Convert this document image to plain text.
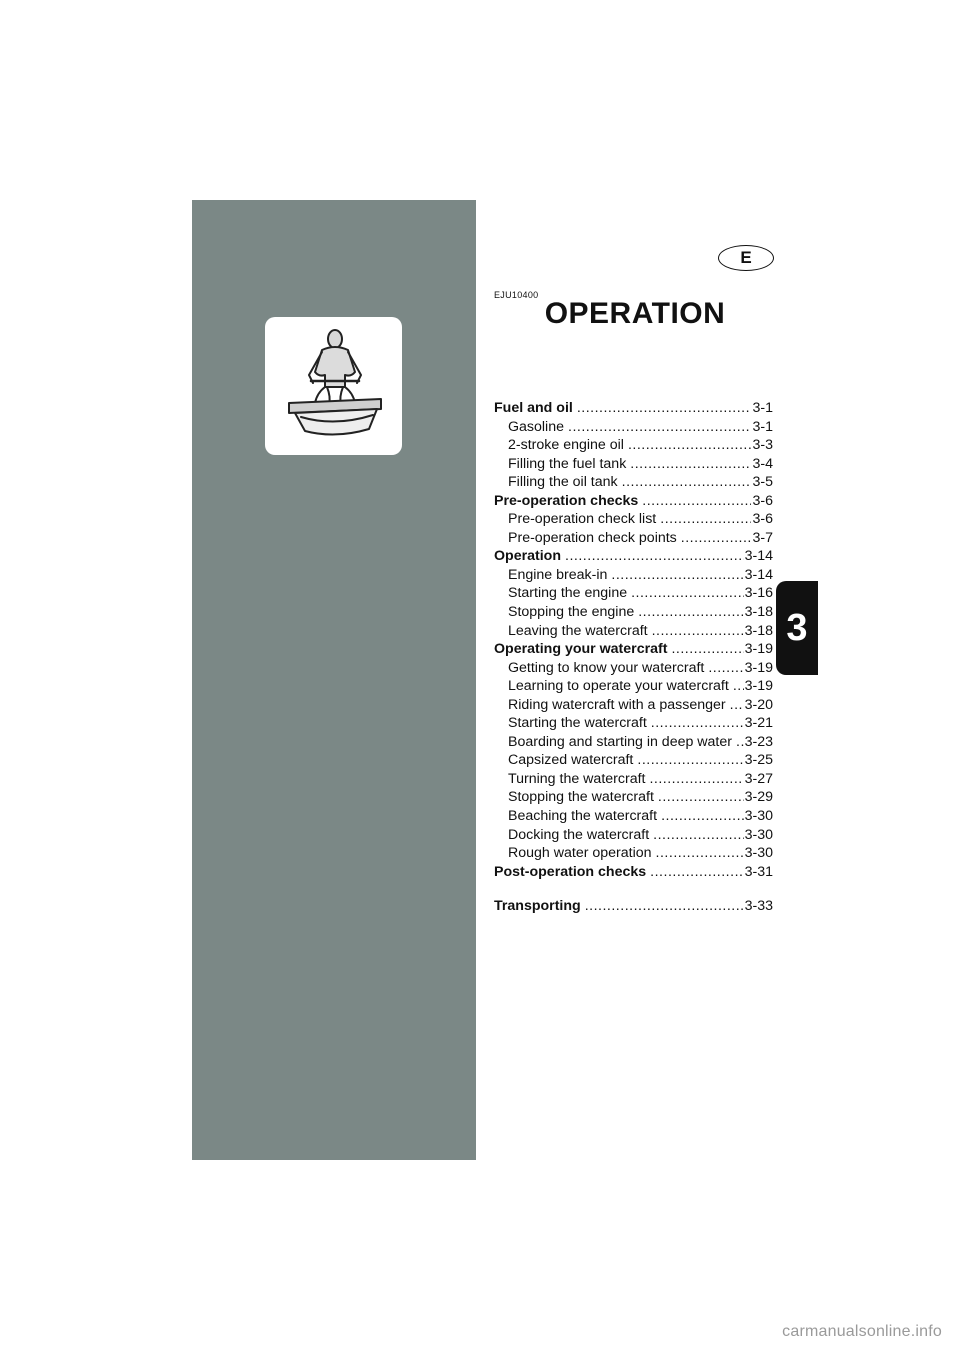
E
EJU10400
OPERATION
Fuel and oil .....	3-1
Gasoline .....	3-1
2-stroke engine oil .....	3-3
Filling the fuel tank .....	3-4
Filling the oil tank .....	3-5
Pre-operation checks .....	3-6
Pre-operation check list .....	3-6
Pre-operation check points .....	3-7
Operation .....	3-14
Engine break-in .....	3-14
Starting the engine .....	3-16
Stopping the engine .....	3-18
Leaving the watercraft .....	3-18
Operating your watercraft .....	3-19
Getting to know your watercraft .....	3-19
Learning to operate your watercraft ..... 3-19
Riding watercraft with a passenger ..... 3-20
Starting the watercraft .....	3-21
Boarding and starting in deep water ..... 3-23
Capsized watercraft .....	3-25
Turning the watercraft .....	3-27
Stopping the watercraft .....	3-29
Beaching the watercraft .....	3-30
Docking the watercraft .....	3-30
Rough water operation .....	3-30
Post-operation checks .....	3-31
Transporting .....	3-33
3
carmanualsonline.info
